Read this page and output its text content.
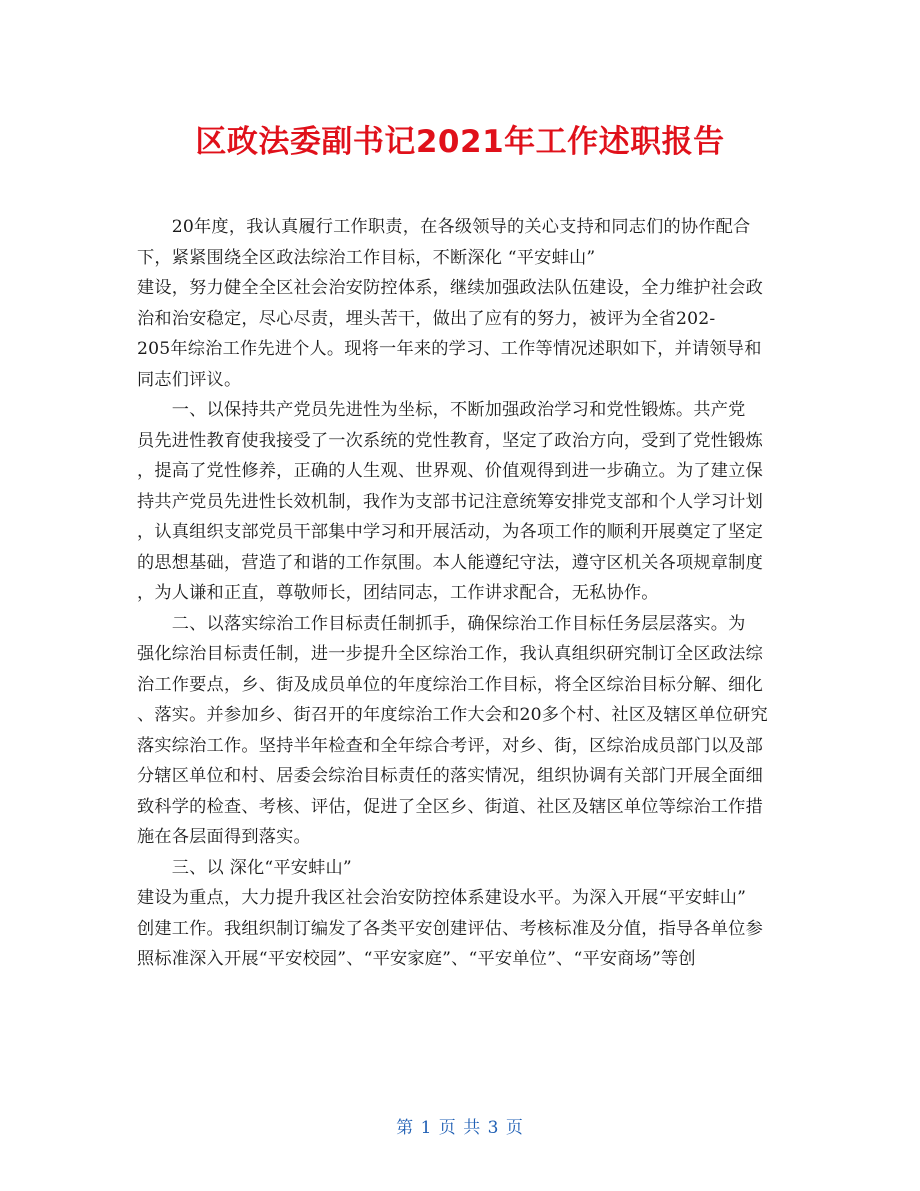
区政法委副书记2021年工作述职报告
　　20年度，我认真履行工作职责，在各级领导的关心支持和同志们的协作配合
下，紧紧围绕全区政法综治工作目标，不断深化 “平安蚌山”
建设，努力健全全区社会治安防控体系，继续加强政法队伍建设，全力维护社会政
治和治安稳定，尽心尽责，埋头苦干，做出了应有的努力，被评为全省202-
205年综治工作先进个人。现将一年来的学习、工作等情况述职如下，并请领导和
同志们评议。
　　一、以保持共产党员先进性为坐标，不断加强政治学习和党性锻炼。共产党
员先进性教育使我接受了一次系统的党性教育，坚定了政治方向，受到了党性锻炼
，提高了党性修养，正确的人生观、世界观、价值观得到进一步确立。为了建立保
持共产党员先进性长效机制，我作为支部书记注意统筹安排党支部和个人学习计划
，认真组织支部党员干部集中学习和开展活动，为各项工作的顺利开展奠定了坚定
的思想基础，营造了和谐的工作氛围。本人能遵纪守法，遵守区机关各项规章制度
，为人谦和正直，尊敬师长，团结同志，工作讲求配合，无私协作。
　　二、以落实综治工作目标责任制抓手，确保综治工作目标任务层层落实。为
强化综治目标责任制，进一步提升全区综治工作，我认真组织研究制订全区政法综
治工作要点，乡、街及成员单位的年度综治工作目标，将全区综治目标分解、细化
、落实。并参加乡、街召开的年度综治工作大会和20多个村、社区及辖区单位研究
落实综治工作。坚持半年检查和全年综合考评，对乡、街，区综治成员部门以及部
分辖区单位和村、居委会综治目标责任的落实情况，组织协调有关部门开展全面细
致科学的检查、考核、评估，促进了全区乡、街道、社区及辖区单位等综治工作措
施在各层面得到落实。
　　三、以 深化“平安蚌山”
建设为重点，大力提升我区社会治安防控体系建设水平。为深入开展“平安蚌山”
创建工作。我组织制订编发了各类平安创建评估、考核标准及分值，指导各单位参
照标准深入开展“平安校园”、“平安家庭”、“平安单位”、“平安商场”等创
第 1 页 共 3 页
